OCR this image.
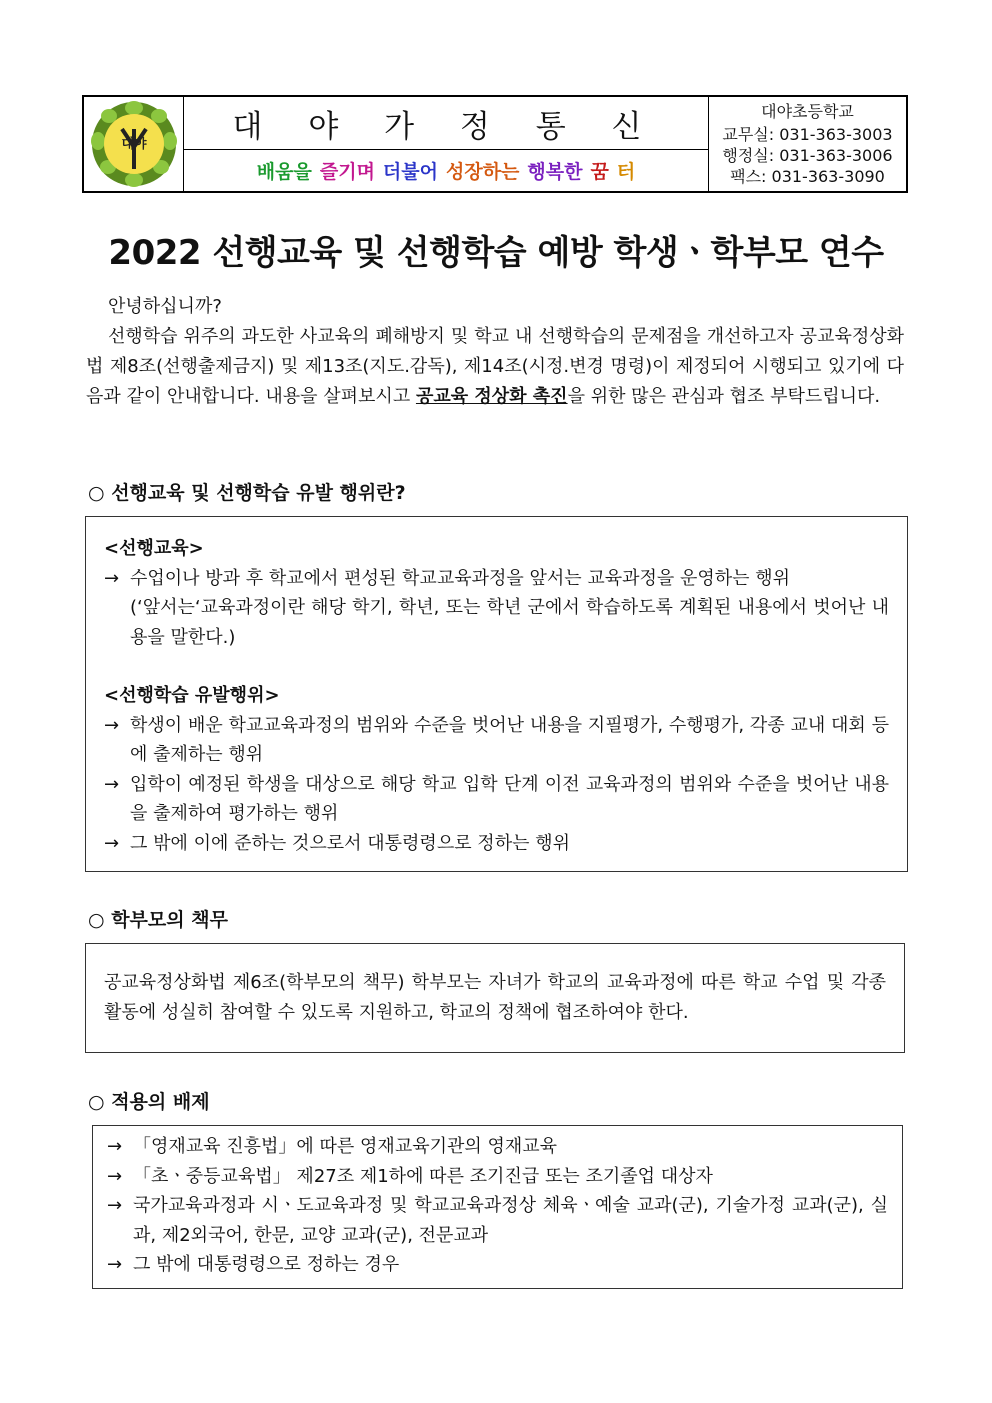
대야	대 야 가 정 통 신
배움을 즐기며 더불어 성장하는 행복한 꿈 터
대야초등학교
교무실: 031-363-3003
행정실: 031-363-3006
팩스: 031-363-3090
2022 선행교육 및 선행학습 예방 학생ㆍ학부모 연수

안녕하십니까?

선행학습 위주의 과도한 사교육의 폐해방지 및 학교 내 선행학습의 문제점을 개선하고자 공교육정상화법 제8조(선행출제금지) 및 제13조(지도.감독), 제14조(시정.변경 명령)이 제정되어 시행되고 있기에 다음과 같이 안내합니다. 내용을 살펴보시고 공교육 정상화 촉진을 위한 많은 관심과 협조 부탁드립니다.

○ 선행교육 및 선행학습 유발 행위란?
<선행교육>
→ 수업이나 방과 후 학교에서 편성된 학교교육과정을 앞서는 교육과정을 운영하는 행위
(‘앞서는‘교육과정이란 해당 학기, 학년, 또는 학년 군에서 학습하도록 계획된 내용에서 벗어난 내용을 말한다.)
<선행학습 유발행위>
→ 학생이 배운 학교교육과정의 범위와 수준을 벗어난 내용을 지필평가, 수행평가, 각종 교내 대회 등에 출제하는 행위
→ 입학이 예정된 학생을 대상으로 해당 학교 입학 단계 이전 교육과정의 범위와 수준을 벗어난 내용을 출제하여 평가하는 행위
→ 그 밖에 이에 준하는 것으로서 대통령령으로 정하는 행위
○ 학부모의 책무
공교육정상화법 제6조(학부모의 책무) 학부모는 자녀가 학교의 교육과정에 따른 학교 수업 및 각종 활동에 성실히 참여할 수 있도록 지원하고, 학교의 정책에 협조하여야 한다.
○ 적용의 배제
→ 「영재교육 진흥법」에 따른 영재교육기관의 영재교육
→ 「초ㆍ중등교육법」 제27조 제1하에 따른 조기진급 또는 조기졸업 대상자
→ 국가교육과정과 시ㆍ도교육과정 및 학교교육과정상 체육ㆍ예술 교과(군), 기술가정 교과(군), 실과, 제2외국어, 한문, 교양 교과(군), 전문교과
→ 그 밖에 대통령령으로 정하는 경우
